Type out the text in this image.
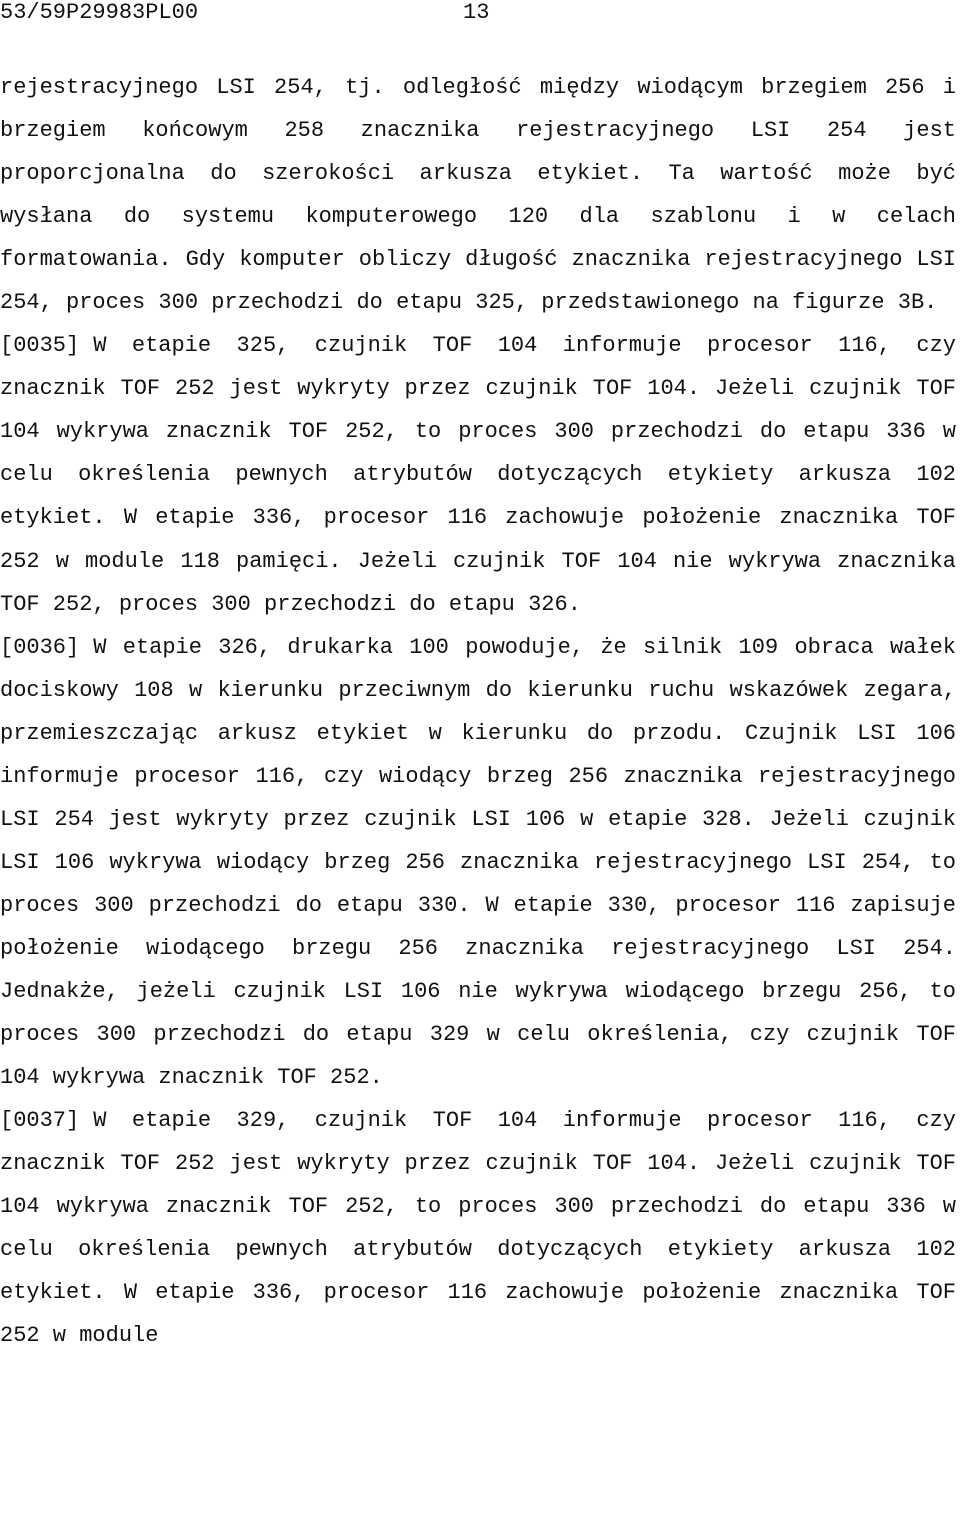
53/59P29983PL00	13

rejestracyjnego LSI 254, tj. odległość między wiodącym brzegiem 256 i brzegiem końcowym 258 znacznika rejestracyjnego LSI 254 jest proporcjonalna do szerokości arkusza etykiet. Ta wartość może być wysłana do systemu komputerowego 120 dla szablonu i w celach formatowania. Gdy komputer obliczy długość znacznika rejestracyjnego LSI 254, proces 300 przechodzi do etapu 325, przedstawionego na figurze 3B.

[0035] W etapie 325, czujnik TOF 104 informuje procesor 116, czy znacznik TOF 252 jest wykryty przez czujnik TOF 104. Jeżeli czujnik TOF 104 wykrywa znacznik TOF 252, to proces 300 przechodzi do etapu 336 w celu określenia pewnych atrybutów dotyczących etykiety arkusza 102 etykiet. W etapie 336, procesor 116 zachowuje położenie znacznika TOF 252 w module 118 pamięci. Jeżeli czujnik TOF 104 nie wykrywa znacznika TOF 252, proces 300 przechodzi do etapu 326.

[0036] W etapie 326, drukarka 100 powoduje, że silnik 109 obraca wałek dociskowy 108 w kierunku przeciwnym do kierunku ruchu wskazówek zegara, przemieszczając arkusz etykiet w kierunku do przodu. Czujnik LSI 106 informuje procesor 116, czy wiodący brzeg 256 znacznika rejestracyjnego LSI 254 jest wykryty przez czujnik LSI 106 w etapie 328. Jeżeli czujnik LSI 106 wykrywa wiodący brzeg 256 znacznika rejestracyjnego LSI 254, to proces 300 przechodzi do etapu 330. W etapie 330, procesor 116 zapisuje położenie wiodącego brzegu 256 znacznika rejestracyjnego LSI 254. Jednakże, jeżeli czujnik LSI 106 nie wykrywa wiodącego brzegu 256, to proces 300 przechodzi do etapu 329 w celu określenia, czy czujnik TOF 104 wykrywa znacznik TOF 252.

[0037] W etapie 329, czujnik TOF 104 informuje procesor 116, czy znacznik TOF 252 jest wykryty przez czujnik TOF 104. Jeżeli czujnik TOF 104 wykrywa znacznik TOF 252, to proces 300 przechodzi do etapu 336 w celu określenia pewnych atrybutów dotyczących etykiety arkusza 102 etykiet. W etapie 336, procesor 116 zachowuje położenie znacznika TOF 252 w module
